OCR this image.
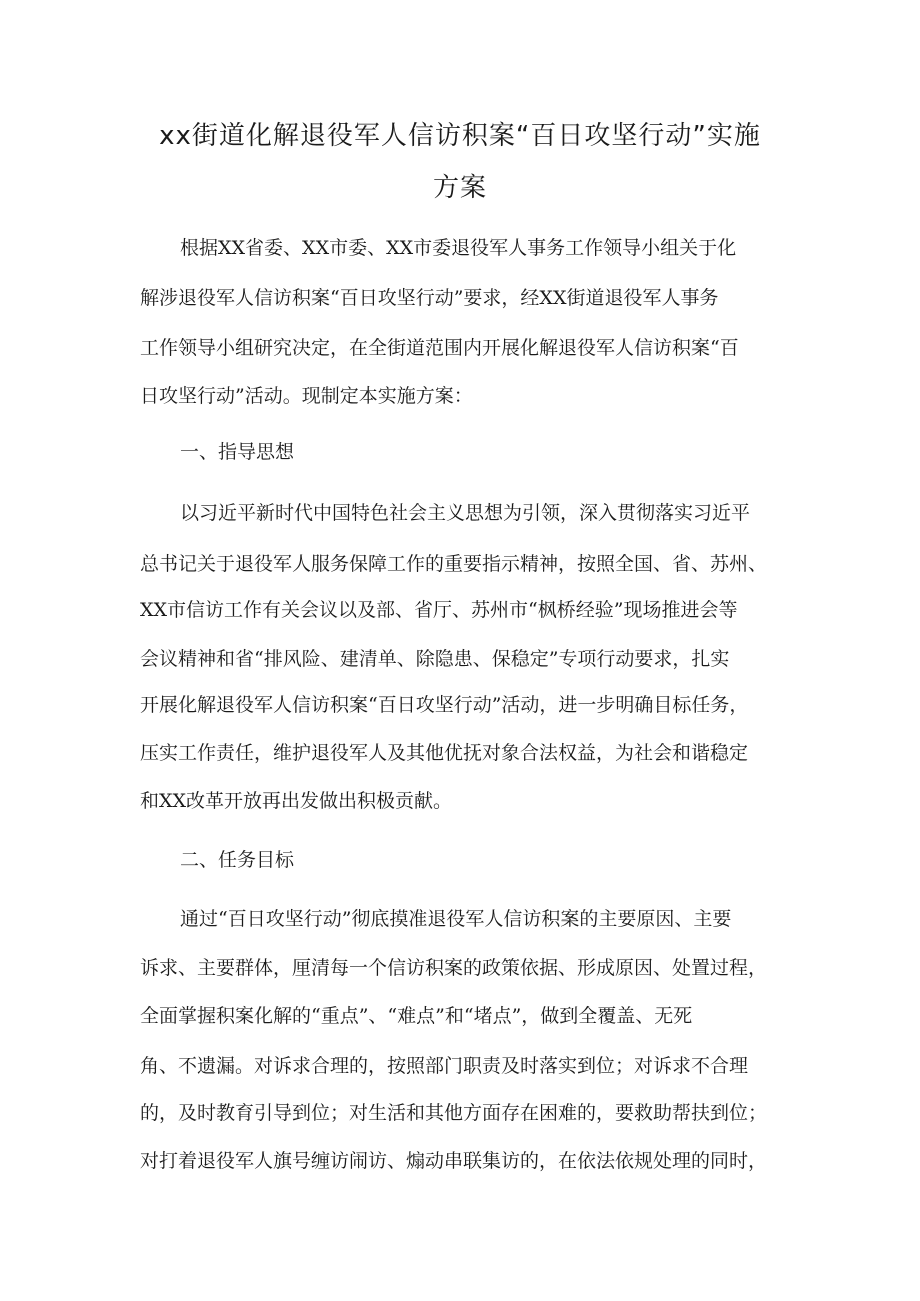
xx街道化解退役军人信访积案“百日攻坚行动”实施
方案
根据XX省委、XX市委、XX市委退役军人事务工作领导小组关于化
解涉退役军人信访积案“百日攻坚行动”要求，经XX街道退役军人事务
工作领导小组研究决定，在全街道范围内开展化解退役军人信访积案“百
日攻坚行动”活动。现制定本实施方案：
一、指导思想
以习近平新时代中国特色社会主义思想为引领，深入贯彻落实习近平
总书记关于退役军人服务保障工作的重要指示精神，按照全国、省、苏州、
XX市信访工作有关会议以及部、省厅、苏州市“枫桥经验”现场推进会等
会议精神和省“排风险、建清单、除隐患、保稳定”专项行动要求，扎实
开展化解退役军人信访积案“百日攻坚行动”活动，进一步明确目标任务，
压实工作责任，维护退役军人及其他优抚对象合法权益，为社会和谐稳定
和XX改革开放再出发做出积极贡献。
二、任务目标
通过“百日攻坚行动”彻底摸准退役军人信访积案的主要原因、主要
诉求、主要群体，厘清每一个信访积案的政策依据、形成原因、处置过程，
全面掌握积案化解的“重点”、“难点”和“堵点”，做到全覆盖、无死
角、不遗漏。对诉求合理的，按照部门职责及时落实到位；对诉求不合理
的，及时教育引导到位；对生活和其他方面存在困难的，要救助帮扶到位；
对打着退役军人旗号缠访闹访、煽动串联集访的，在依法依规处理的同时，
